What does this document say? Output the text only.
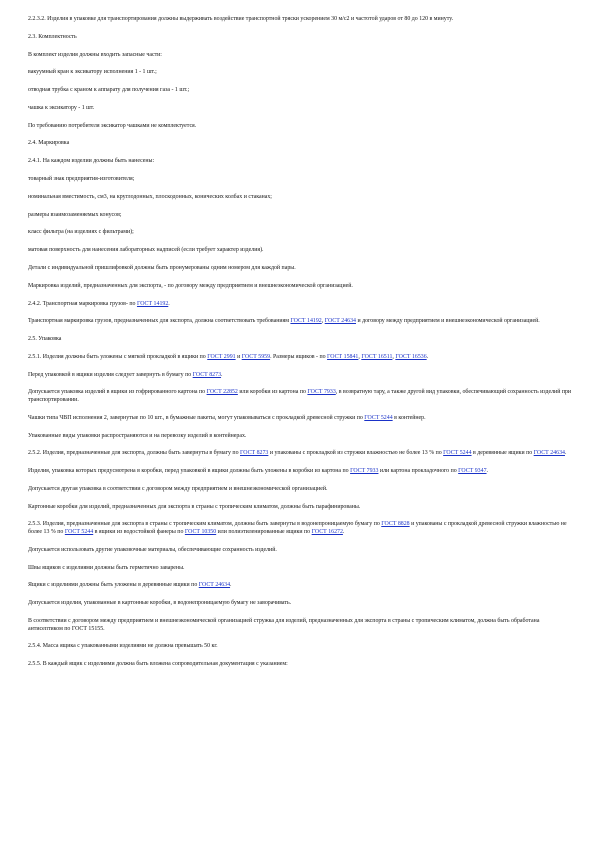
2.2.3.2. Изделия в упаковке для транспортирования должны выдерживать воздействие транспортной тряски ускорением 30 м/с2 и частотой ударов от 80 до 120 в минуту.
2.3. Комплектность
В комплект изделия должны входить запасные части:
вакуумный кран к эксикатору исполнения 1 - 1 шт.;
отводная трубка с краном к аппарату для получения газа - 1 шт.;
чашка к эксикатору - 1 шт.
По требованию потребителя эксикатор чашками не комплектуется.
2.4. Маркировка
2.4.1. На каждом изделии должны быть нанесены:
товарный знак предприятия-изготовителя;
номинальная вместимость, см3, на круглодонных, плоскодонных, конических колбах и стаканах;
размеры взаимозаменяемых конусов;
класс фильтра (на изделиях с фильтрами);
матовая поверхность для нанесения лабораторных надписей (если требует характер изделия).
Детали с индивидуальной пришлифовкой должны быть пронумерованы одним номером для каждой пары.
Маркировка изделий, предназначенных для экспорта, - по договору между предприятием и внешнеэкономической организацией.
2.4.2. Транспортная маркировка грузов- по ГОСТ 14192.
Транспортная маркировка грузов, предназначенных для экспорта, должна соответствовать требованиям ГОСТ 14192, ГОСТ 24634 и договору между предприятием и внешнеэкономической организацией.
2.5. Упаковка
2.5.1. Изделия должны быть уложены с мягкой прокладкой в ящики по ГОСТ 2991 и ГОСТ 5959. Размеры ящиков - по ГОСТ 15841, ГОСТ 16511, ГОСТ 16536.
Перед упаковкой в ящики изделия следует завернуть в бумагу по ГОСТ 8273.
Допускается упаковка изделий в ящики из гофрированного картона по ГОСТ 22852 или коробки из картона по ГОСТ 7933, в возвратную тару, а также другой вид упаковки, обеспечивающий сохранность изделий при транспортировании.
Чашки типа ЧВП исполнения 2, завернутые по 10 шт., в бумажные пакеты, могут упаковываться с прокладкой древесной стружки по ГОСТ 5244 в контейнер.
Упакованные виды упаковки распространяются и на перевозку изделий в контейнерах.
2.5.2. Изделия, предназначенные для экспорта, должны быть завернуты в бумагу по ГОСТ 8273 и упакованы с прокладкой из стружки влажностью не более 13 % по ГОСТ 5244 в деревянные ящики по ГОСТ 24634.
Изделия, упаковка которых предусмотрена в коробки, перед упаковкой в ящики должны быть уложены в коробки из картона по ГОСТ 7933 или картона прокладочного по ГОСТ 9347.
Допускается другая упаковка в соответствии с договором между предприятием и внешнеэкономической организацией.
Картонные коробки для изделий, предназначенных для экспорта в страны с тропическим климатом, должны быть парафинированы.
2.5.3. Изделия, предназначенные для экспорта в страны с тропическим климатом, должны быть завернуты в водонепроницаемую бумагу по ГОСТ 8828 и упакованы с прокладкой древесной стружки влажностью не более 13 % по ГОСТ 5244 в ящики из водостойкой фанеры по ГОСТ 10350 или полиэтиленированные ящики по ГОСТ 16272.
Допускается использовать другие упаковочные материалы, обеспечивающие сохранность изделий.
Швы ящиков с изделиями должны быть герметично заварены.
Ящики с изделиями должны быть уложены в деревянные ящики по ГОСТ 24634.
Допускается изделия, упакованные в картонные коробки, в водонепроницаемую бумагу не заворачивать.
В соответствии с договором между предприятием и внешнеэкономической организацией стружка для изделий, предназначенных для экспорта в страны с тропическим климатом, должна быть обработана антисептиком по ГОСТ 15155.
2.5.4. Масса ящика с упакованными изделиями не должна превышать 50 кг.
2.5.5. В каждый ящик с изделиями должна быть вложена сопроводительная документация с указанием:
